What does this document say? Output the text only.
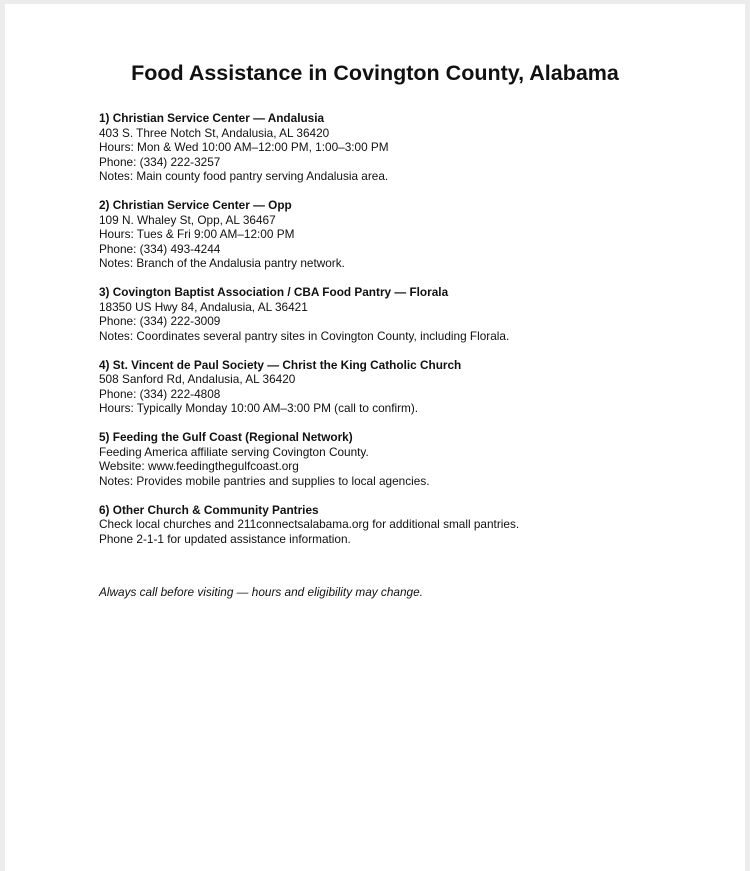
Food Assistance in Covington County, Alabama
1) Christian Service Center — Andalusia
403 S. Three Notch St, Andalusia, AL 36420
Hours: Mon & Wed 10:00 AM–12:00 PM, 1:00–3:00 PM
Phone: (334) 222-3257
Notes: Main county food pantry serving Andalusia area.
2) Christian Service Center — Opp
109 N. Whaley St, Opp, AL 36467
Hours: Tues & Fri 9:00 AM–12:00 PM
Phone: (334) 493-4244
Notes: Branch of the Andalusia pantry network.
3) Covington Baptist Association / CBA Food Pantry — Florala
18350 US Hwy 84, Andalusia, AL 36421
Phone: (334) 222-3009
Notes: Coordinates several pantry sites in Covington County, including Florala.
4) St. Vincent de Paul Society — Christ the King Catholic Church
508 Sanford Rd, Andalusia, AL 36420
Phone: (334) 222-4808
Hours: Typically Monday 10:00 AM–3:00 PM (call to confirm).
5) Feeding the Gulf Coast (Regional Network)
Feeding America affiliate serving Covington County.
Website: www.feedingthegulfcoast.org
Notes: Provides mobile pantries and supplies to local agencies.
6) Other Church & Community Pantries
Check local churches and 211connectsalabama.org for additional small pantries.
Phone 2-1-1 for updated assistance information.
Always call before visiting — hours and eligibility may change.
